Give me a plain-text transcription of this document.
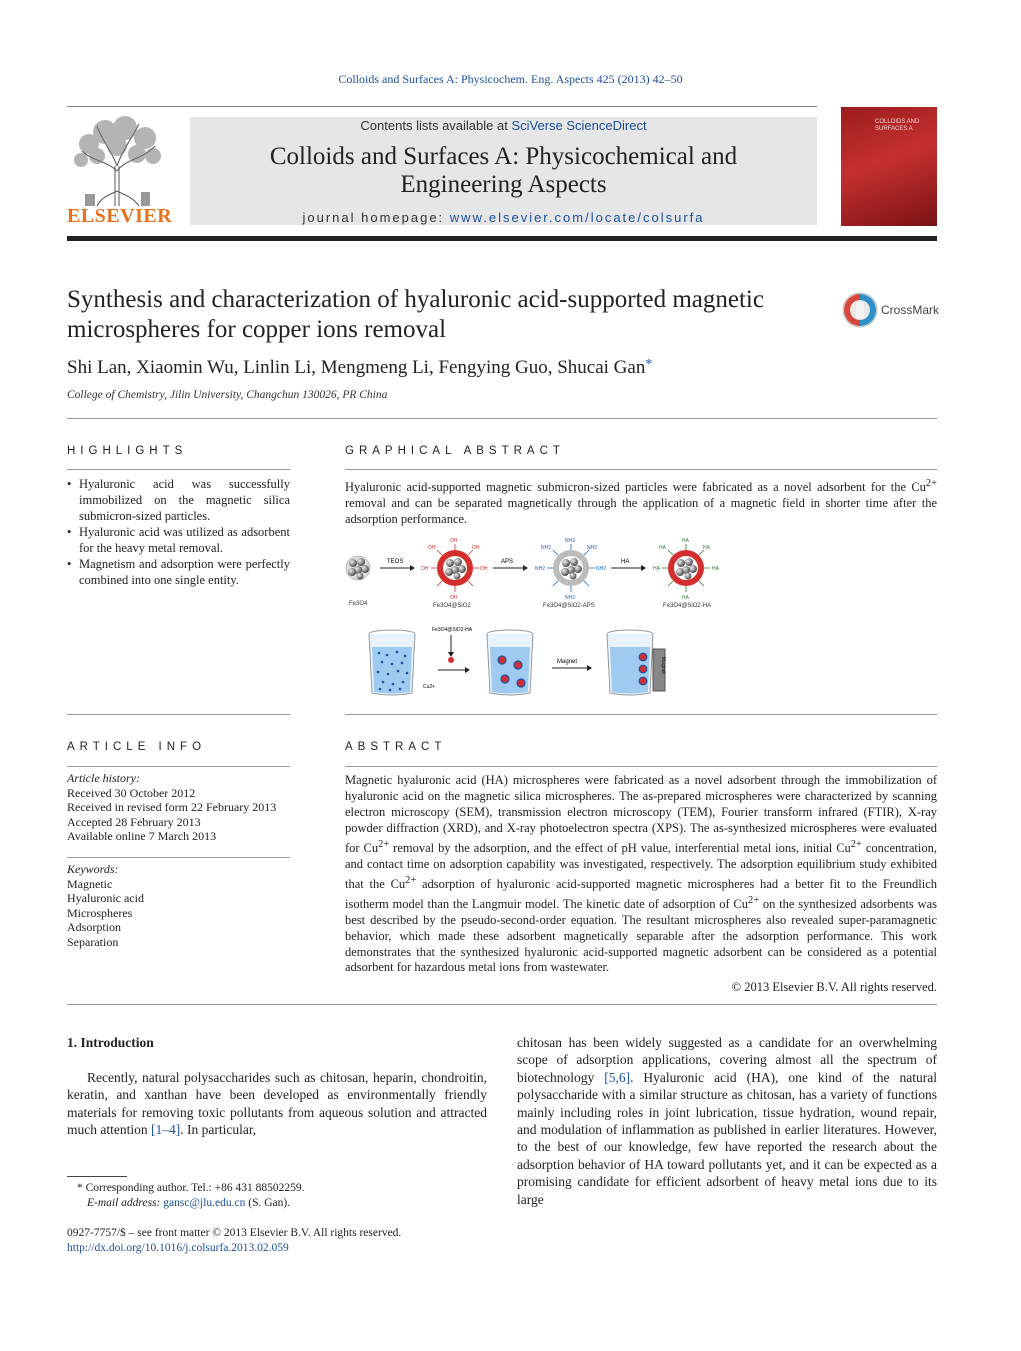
Colloids and Surfaces A: Physicochem. Eng. Aspects 425 (2013) 42–50
ELSEVIER
Contents lists available at SciVerse ScienceDirect
Colloids and Surfaces A: Physicochemical and
Engineering Aspects
journal homepage: www.elsevier.com/locate/colsurfa
COLLOIDS AND SURFACES A
Synthesis and characterization of hyaluronic acid-supported magnetic
microspheres for copper ions removal
CrossMark
Shi Lan, Xiaomin Wu, Linlin Li, Mengmeng Li, Fengying Guo, Shucai Gan*
College of Chemistry, Jilin University, Changchun 130026, PR China
HIGHLIGHTS
• Hyaluronic acid was successfully immobilized on the magnetic silica submicron-sized particles.
• Hyaluronic acid was utilized as adsorbent for the heavy metal removal.
• Magnetism and adsorption were perfectly combined into one single entity.
GRAPHICAL ABSTRACT
Hyaluronic acid-supported magnetic submicron-sized particles were fabricated as a novel adsorbent for the $Cu^{2+}$ removal and can be separated magnetically through the application of a magnetic field in shorter time after the adsorption performance.
Fe3O4
TEOS
OH
OH
OH	OH
OH	OH
Fe3O4@SiO2
APS
NH2
NH2
NH2	NH2
NH2	NH2
Fe3O4@SiO2-APS
HA
HA
HA
HA	HA
HA	HA
Fe3O4@SiO2-HA
Cu2+
Fe3O4@SiO2-HA
Magnet	Magnet
ARTICLE INFO
Article history:
Received 30 October 2012
Received in revised form 22 February 2013
Accepted 28 February 2013
Available online 7 March 2013
Keywords:
Magnetic
Hyaluronic acid
Microspheres
Adsorption
Separation
ABSTRACT
Magnetic hyaluronic acid (HA) microspheres were fabricated as a novel adsorbent through the immobilization of hyaluronic acid on the magnetic silica microspheres. The as-prepared microspheres were characterized by scanning electron microscopy (SEM), transmission electron microscopy (TEM), Fourier transform infrared (FTIR), X-ray powder diffraction (XRD), and X-ray photoelectron spectra (XPS). The as-synthesized microspheres were evaluated for $Cu^{2+}$ removal by the adsorption, and the effect of pH value, interferential metal ions, initial $Cu^{2+}$ concentration, and contact time on adsorption capability was investigated, respectively. The adsorption equilibrium study exhibited that the $Cu^{2+}$ adsorption of hyaluronic acid-supported magnetic microspheres had a better fit to the Freundlich isotherm model than the Langmuir model. The kinetic date of adsorption of $Cu^{2+}$ on the synthesized adsorbents was best described by the pseudo-second-order equation. The resultant microspheres also revealed super-paramagnetic behavior, which made these adsorbent magnetically separable after the adsorption performance. This work demonstrates that the synthesized hyaluronic acid-supported magnetic adsorbent can be considered as a potential adsorbent for hazardous metal ions from wastewater.
© 2013 Elsevier B.V. All rights reserved.
1. Introduction
Recently, natural polysaccharides such as chitosan, heparin, chondroitin, keratin, and xanthan have been developed as environmentally friendly materials for removing toxic pollutants from aqueous solution and attracted much attention [1–4]. In particular,
chitosan has been widely suggested as a candidate for an overwhelming scope of adsorption applications, covering almost all the spectrum of biotechnology [5,6]. Hyaluronic acid (HA), one kind of the natural polysaccharide with a similar structure as chitosan, has a variety of functions mainly including roles in joint lubrication, tissue hydration, wound repair, and modulation of inflammation as published in earlier literatures. However, to the best of our knowledge, few have reported the research about the adsorption behavior of HA toward pollutants yet, and it can be expected as a promising candidate for efficient adsorbent of heavy metal ions due to its large
* Corresponding author. Tel.: +86 431 88502259.
E-mail address: gansc@jlu.edu.cn (S. Gan).
0927-7757/$ – see front matter © 2013 Elsevier B.V. All rights reserved.
http://dx.doi.org/10.1016/j.colsurfa.2013.02.059
